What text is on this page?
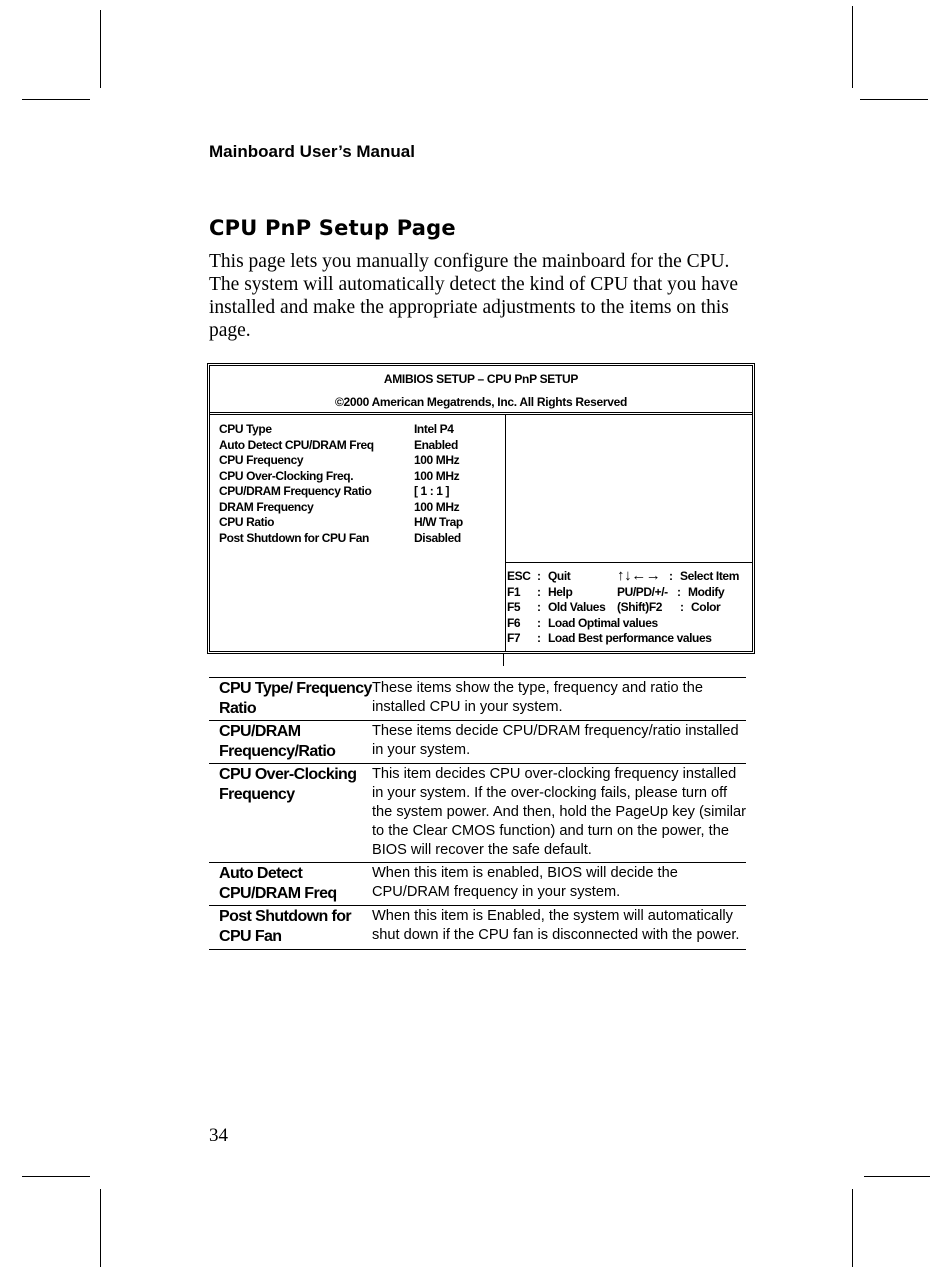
Mainboard User’s Manual
CPU PnP Setup Page

This page lets you manually configure the mainboard for the CPU. The system will automatically detect the kind of CPU that you have installed and make the appropriate adjustments to the items on this page.

AMIBIOS SETUP – CPU PnP SETUP
©2000 American Megatrends, Inc. All Rights Reserved
CPU Type	Intel P4
Auto Detect CPU/DRAM Freq	Enabled
CPU Frequency	100 MHz
CPU Over-Clocking Freq.	100 MHz
CPU/DRAM Frequency Ratio	[ 1 : 1 ]
DRAM Frequency	100 MHz
CPU Ratio	H/W Trap
Post Shutdown for CPU Fan	Disabled
ESC : Quit	↑↓←→ : Select Item
F1	: Help	PU/PD/+/- : Modify
F5	: Old Values (Shift)F2	: Color
F6	: Load Optimal values
F7	: Load Best performance values
CPU Type/ Frequency Ratio
These items show the type, frequency and ratio the installed CPU in your system.
CPU/DRAM Frequency/Ratio
These items decide CPU/DRAM frequency/ratio installed in your system.
CPU Over-Clocking Frequency
This item decides CPU over-clocking frequency installed in your system. If the over-clocking fails, please turn off the system power. And then, hold the PageUp key (similar to the Clear CMOS function) and turn on the power, the BIOS will recover the safe default.
Auto Detect CPU/DRAM Freq
When this item is enabled, BIOS will decide the CPU/DRAM frequency in your system.
Post Shutdown for CPU Fan
When this item is Enabled, the system will automatically shut down if the CPU fan is disconnected with the power.
34
